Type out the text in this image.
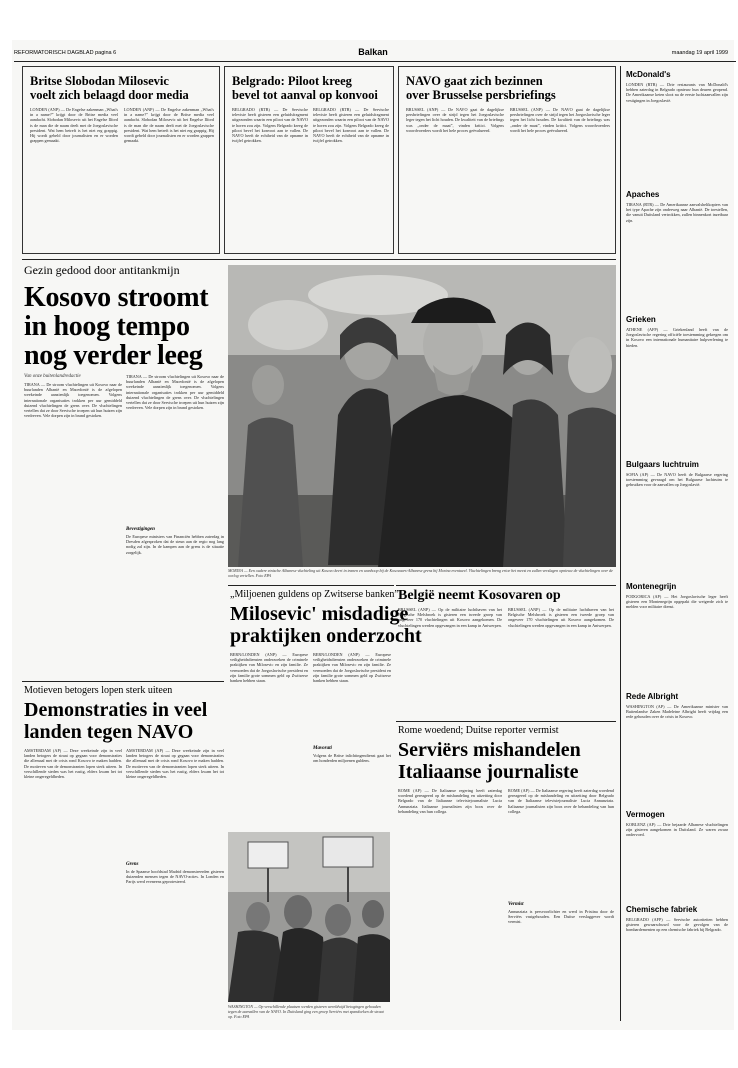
REFORMATORISCH DAGBLAD pagina 6	Balkan	maandag 19 april 1999
Britse Slobodan Milosevic
voelt zich belaagd door media
LONDEN (ANP) — De Engelse zakenman „What's in a name?” krijgt door de Britse media veel aandacht. Slobodan Milosevic uit het Engelse Ilford is de man die de naam deelt met de Joegoslavische president. Wat hem betreft is het niet erg grappig. Hij wordt gebeld door journalisten en er worden grappen gemaakt.
LONDEN (ANP) — De Engelse zakenman „What's in a name?” krijgt door de Britse media veel aandacht. Slobodan Milosevic uit het Engelse Ilford is de man die de naam deelt met de Joegoslavische president. Wat hem betreft is het niet erg grappig. Hij wordt gebeld door journalisten en er worden grappen gemaakt.
Belgrado: Piloot kreeg
bevel tot aanval op konvooi
BELGRADO (RTB) — De Servische televisie heeft gisteren een geluidsfragment uitgezonden waarin een piloot van de NAVO te horen zou zijn. Volgens Belgrado kreeg de piloot bevel het konvooi aan te vallen. De NAVO heeft de echtheid van de opname in twijfel getrokken.
BELGRADO (RTB) — De Servische televisie heeft gisteren een geluidsfragment uitgezonden waarin een piloot van de NAVO te horen zou zijn. Volgens Belgrado kreeg de piloot bevel het konvooi aan te vallen. De NAVO heeft de echtheid van de opname in twijfel getrokken.
NAVO gaat zich bezinnen
over Brusselse persbriefings
BRUSSEL (ANP) — De NAVO gaat de dagelijkse persbriefingen over de strijd tegen het Joegoslavische leger tegen het licht houden. De kwaliteit van de briefings was „onder de maat”, vinden kritici. Volgens woordvoerders wordt het hele proces geëvalueerd.
BRUSSEL (ANP) — De NAVO gaat de dagelijkse persbriefingen over de strijd tegen het Joegoslavische leger tegen het licht houden. De kwaliteit van de briefings was „onder de maat”, vinden kritici. Volgens woordvoerders wordt het hele proces geëvalueerd.
McDonald's
LONDEN (RTR) — Drie restaurants van McDonald's hebben zaterdag in Belgrado opnieuw hun deuren geopend. De Amerikaanse keten sloot na de eerste luchtaanvallen zijn vestigingen in Joegoslavië.
Apaches
TIRANA (RTR) — De Amerikaanse aanvalshelikopters van het type Apache zijn onderweg naar Albanië. De toestellen, die vanuit Duitsland vertrokken, zullen binnenkort inzetbaar zijn.
Grieken
ATHENE (AFP) — Griekenland heeft van de Joegoslavische regering officiële toestemming gekregen om in Kosovo een internationale humanitaire hulpverlening te bieden.
Bulgaars luchtruim
SOFIA (AP) — De NAVO heeft de Bulgaarse regering toestemming gevraagd om het Bulgaarse luchtruim te gebruiken voor de aanvallen op Joegoslavië.
Montenegrijn
PODGORICA (AP) — Het Joegoslavische leger heeft gisteren een Montenegrijn opgepakt die weigerde zich te melden voor militaire dienst.
Rede Albright
WASHINGTON (AP) — De Amerikaanse minister van Buitenlandse Zaken Madeleine Albright heeft vrijdag een rede gehouden over de crisis in Kosovo.
Vermogen
KOBLENZ (AP) — Drie bejaarde Albanese vluchtelingen zijn gisteren aangekomen in Duitsland. Ze waren zwaar ondervoed.
Chemische fabriek
BELGRADO (AFP) — Servische autoriteiten hebben gisteren gewaarschuwd voor de gevolgen van de bombardementen op een chemische fabriek bij Belgrado.
Gezin gedood door antitankmijn
Kosovo stroomt
in hoog tempo
nog verder leeg
Van onze buitenlandredactie
TIRANA — De stroom vluchtelingen uit Kosovo naar de buurlanden Albanië en Macedonië is de afgelopen weekeinde aanzienlijk toegenomen. Volgens internationale organisaties trokken per uur gemiddeld duizend vluchtelingen de grens over. De vluchtelingen vertellen dat ze door Servische troepen uit hun huizen zijn verdreven. Vele dorpen zijn in brand gestoken.
TIRANA — De stroom vluchtelingen uit Kosovo naar de buurlanden Albanië en Macedonië is de afgelopen weekeinde aanzienlijk toegenomen. Volgens internationale organisaties trokken per uur gemiddeld duizend vluchtelingen de grens over. De vluchtelingen vertellen dat ze door Servische troepen uit hun huizen zijn verdreven. Vele dorpen zijn in brand gestoken.
Bevestigingen
De Europese ministers van Financiën hebben zaterdag in Dresden afgesproken dat de steun aan de regio nog lang nodig zal zijn. In de kampen aan de grens is de situatie zorgelijk.
MORINA — Een oudere etnische Albanese vluchteling uit Kosovo keert in tranen en wanhoop bij de Kosovaars-Albanese grens bij Morina eventueel. Vluchtelingen breng ertoe het meest en zullen verslagen opnieuw de vluchtelingen over de oorlog vertellen. Foto EPA
Motieven betogers lopen sterk uiteen
Demonstraties in veel
landen tegen NAVO
AMSTERDAM (AP) — Deze weekeinde zijn in veel landen betogers de straat op gegaan voor demonstraties die allemaal met de crisis rond Kosovo te maken hadden. De motieven van de demonstranten lopen sterk uiteen. In verschillende steden was het rustig, elders kwam het tot kleine ongeregeldheden.
AMSTERDAM (AP) — Deze weekeinde zijn in veel landen betogers de straat op gegaan voor demonstraties die allemaal met de crisis rond Kosovo te maken hadden. De motieven van de demonstranten lopen sterk uiteen. In verschillende steden was het rustig, elders kwam het tot kleine ongeregeldheden.
Grens
In de Spaanse hoofdstad Madrid demonstreerden gisteren duizenden mensen tegen de NAVO-acties. In Londen en Parijs werd eveneens geprotesteerd.
WASHINGTON — Op verschillende plaatsen werden gisteren wereldwijd betogingen gehouden tegen de aanvallen van de NAVO. In Duitsland ging een groep Serviërs met spandoeken de straat op. Foto EPA
„Miljoenen guldens op Zwitserse banken”
Milosevic' misdadige
praktijken onderzocht
BERN/LONDEN (ANP) — Europese veiligheidsdiensten onderzoeken de criminele praktijken van Milosevic en zijn familie. Ze vermoeden dat de Joegoslavische president en zijn familie grote sommen geld op Zwitserse banken hebben staan.
BERN/LONDEN (ANP) — Europese veiligheidsdiensten onderzoeken de criminele praktijken van Milosevic en zijn familie. Ze vermoeden dat de Joegoslavische president en zijn familie grote sommen geld op Zwitserse banken hebben staan.
Mavorati
Volgens de Britse inlichtingendienst gaat het om honderden miljoenen guldens.
België neemt Kosovaren op
BRUSSEL (ANP) — Op de militaire luchthaven van het Belgische Melsbroek is gisteren een tweede groep van ongeveer 170 vluchtelingen uit Kosovo aangekomen. De vluchtelingen werden opgevangen in een kamp in Antwerpen.
BRUSSEL (ANP) — Op de militaire luchthaven van het Belgische Melsbroek is gisteren een tweede groep van ongeveer 170 vluchtelingen uit Kosovo aangekomen. De vluchtelingen werden opgevangen in een kamp in Antwerpen.
Rome woedend; Duitse reporter vermist
Serviërs mishandelen
Italiaanse journaliste
ROME (AP) — De Italiaanse regering heeft zaterdag woedend gereageerd op de mishandeling en uitzetting door Belgrado van de Italiaanse televisiejournaliste Lucia Annunziata. Italiaanse journalisten zijn boos over de behandeling van hun collega.
ROME (AP) — De Italiaanse regering heeft zaterdag woedend gereageerd op de mishandeling en uitzetting door Belgrado van de Italiaanse televisiejournaliste Lucia Annunziata. Italiaanse journalisten zijn boos over de behandeling van hun collega.
Vermist
Annunziata is persvoorlichter en werd in Pristina door de Serviërs vastgehouden. Een Duitse verslaggever wordt vermist.
